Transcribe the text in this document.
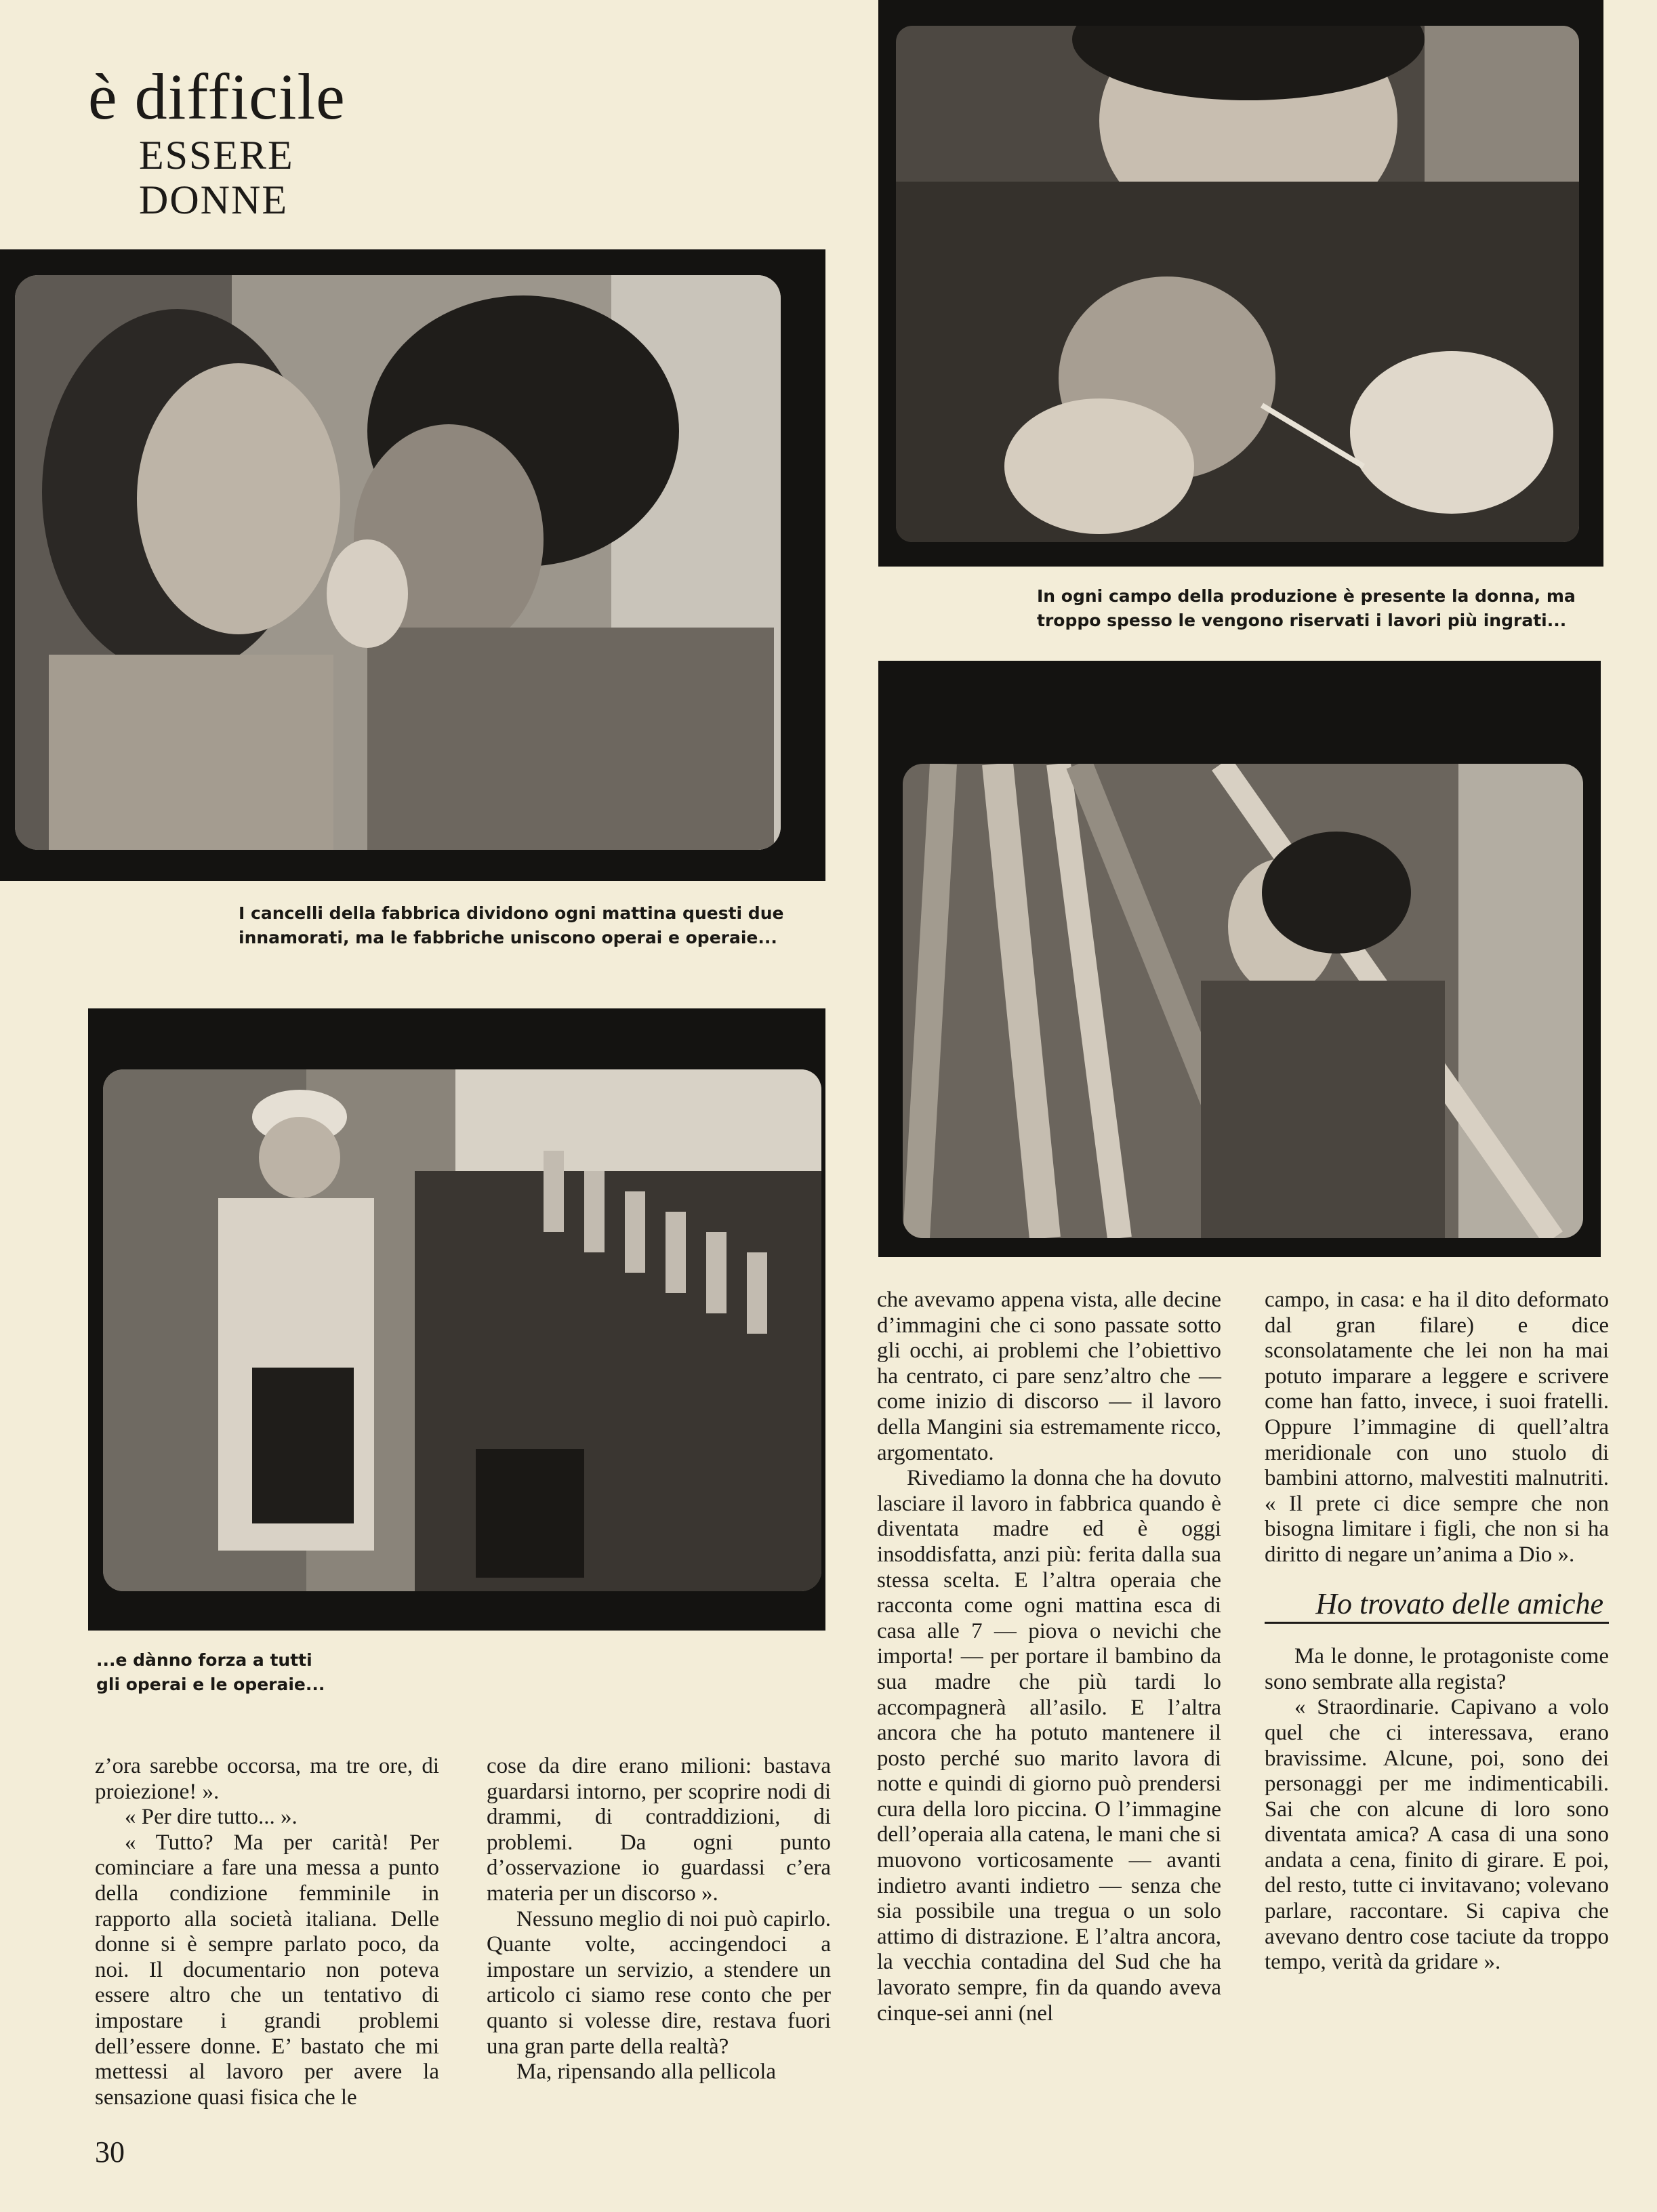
è difficile
ESSERE
DONNE
I cancelli della fabbrica dividono ogni mattina questi due
innamorati, ma le fabbriche uniscono operai e operaie...
In ogni campo della produzione è presente la donna, ma
troppo spesso le vengono riservati i lavori più ingrati...
...e dànno forza a tutti
gli operai e le operaie...

z’ora sarebbe occorsa, ma tre ore, di proiezione! ».

« Per dire tutto... ».

« Tutto? Ma per carità! Per cominciare a fare una messa a punto della condizione femminile in rapporto alla società italiana. Delle donne si è sempre parlato poco, da noi. Il documentario non poteva essere altro che un tentativo di impostare i grandi problemi dell’essere donne. E’ bastato che mi mettessi al lavoro per avere la sensazione quasi fisica che le

cose da dire erano milioni: bastava guardarsi intorno, per scoprire nodi di drammi, di contraddizioni, di problemi. Da ogni punto d’osservazione io guardassi c’era materia per un discorso ».

Nessuno meglio di noi può capirlo. Quante volte, accingendoci a impostare un servizio, a stendere un articolo ci siamo rese conto che per quanto si volesse dire, restava fuori una gran parte della realtà?

Ma, ripensando alla pellicola

che avevamo appena vista, alle decine d’immagini che ci sono passate sotto gli occhi, ai problemi che l’obiettivo ha centrato, ci pare senz’altro che — come inizio di discorso — il lavoro della Mangini sia estremamente ricco, argomentato.

Rivediamo la donna che ha dovuto lasciare il lavoro in fabbrica quando è diventata madre ed è oggi insoddisfatta, anzi più: ferita dalla sua stessa scelta. E l’altra operaia che racconta come ogni mattina esca di casa alle 7 — piova o nevichi che importa! — per portare il bambino da sua madre che più tardi lo accompagnerà all’asilo. E l’altra ancora che ha potuto mantenere il posto perché suo marito lavora di notte e quindi di giorno può prendersi cura della loro piccina. O l’immagine dell’operaia alla catena, le mani che si muovono vorticosamente — avanti indietro avanti indietro — senza che sia possibile una tregua o un solo attimo di distrazione. E l’altra ancora, la vecchia contadina del Sud che ha lavorato sempre, fin da quando aveva cinque-sei anni (nel

campo, in casa: e ha il dito deformato dal gran filare) e dice sconsolatamente che lei non ha mai potuto imparare a leggere e scrivere come han fatto, invece, i suoi fratelli. Oppure l’immagine di quell’altra meridionale con uno stuolo di bambini attorno, malvestiti malnutriti. « Il prete ci dice sempre che non bisogna limitare i figli, che non si ha diritto di negare un’anima a Dio ».

Ho trovato delle amiche

Ma le donne, le protagoniste come sono sembrate alla regista?

« Straordinarie. Capivano a volo quel che ci interessava, erano bravissime. Alcune, poi, sono dei personaggi per me indimenticabili. Sai che con alcune di loro sono diventata amica? A casa di una sono andata a cena, finito di girare. E poi, del resto, tutte ci invitavano; volevano parlare, raccontare. Si capiva che avevano dentro cose taciute da troppo tempo, verità da gridare ».

30
